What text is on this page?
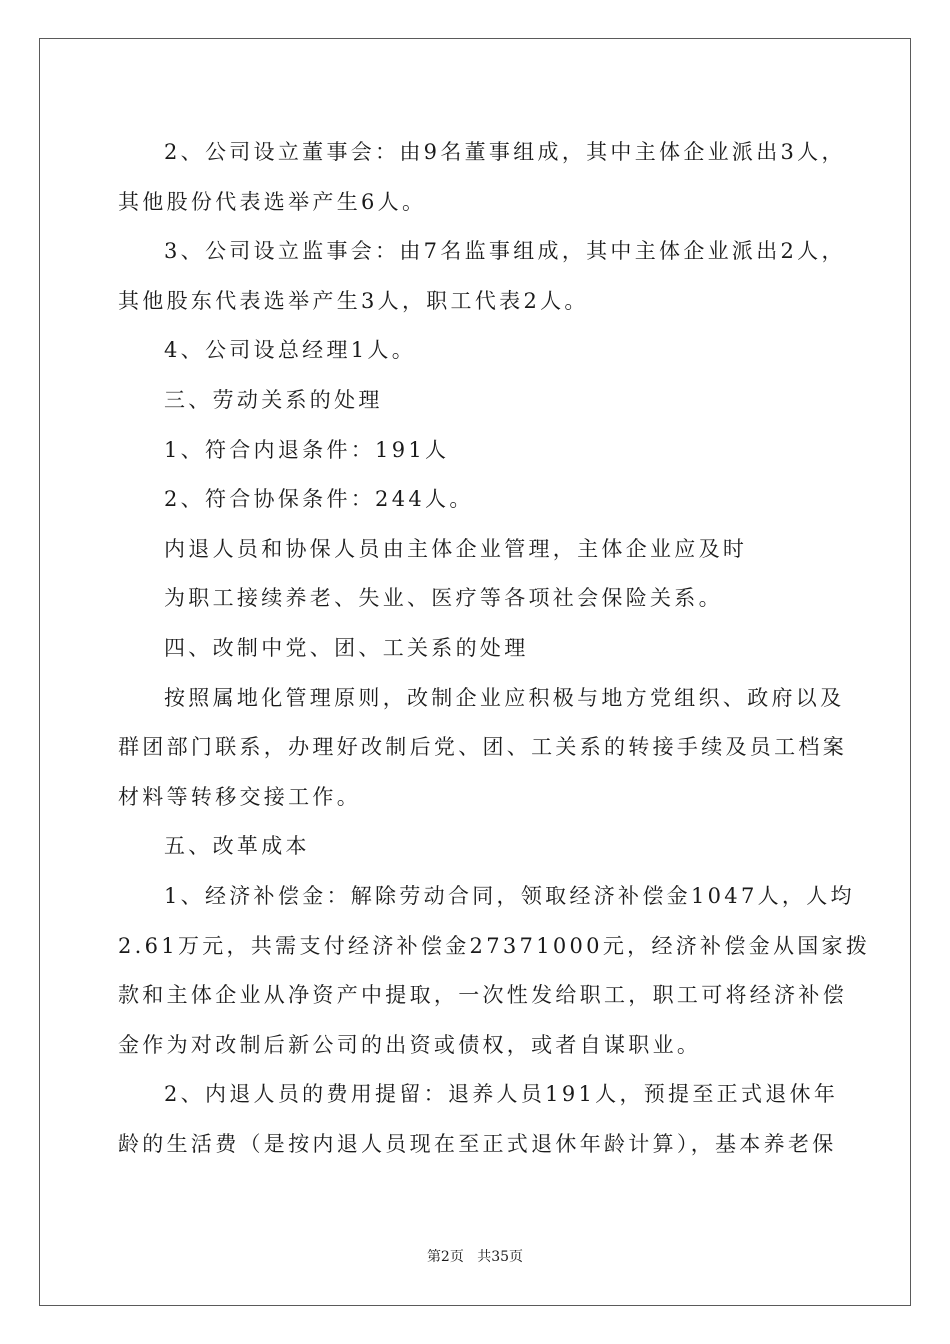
2、公司设立董事会：由9名董事组成，其中主体企业派出3人，

其他股份代表选举产生6人。

3、公司设立监事会：由7名监事组成，其中主体企业派出2人，

其他股东代表选举产生3人，职工代表2人。

4、公司设总经理1人。

三、劳动关系的处理

1、符合内退条件：191人

2、符合协保条件：244人。

内退人员和协保人员由主体企业管理，主体企业应及时

为职工接续养老、失业、医疗等各项社会保险关系。

四、改制中党、团、工关系的处理

按照属地化管理原则，改制企业应积极与地方党组织、政府以及

群团部门联系，办理好改制后党、团、工关系的转接手续及员工档案

材料等转移交接工作。

五、改革成本

1、经济补偿金：解除劳动合同，领取经济补偿金1047人，人均

2.61万元，共需支付经济补偿金27371000元，经济补偿金从国家拨

款和主体企业从净资产中提取，一次性发给职工，职工可将经济补偿

金作为对改制后新公司的出资或债权，或者自谋职业。

2、内退人员的费用提留：退养人员191人，预提至正式退休年

龄的生活费（是按内退人员现在至正式退休年龄计算），基本养老保

第2页 共35页
